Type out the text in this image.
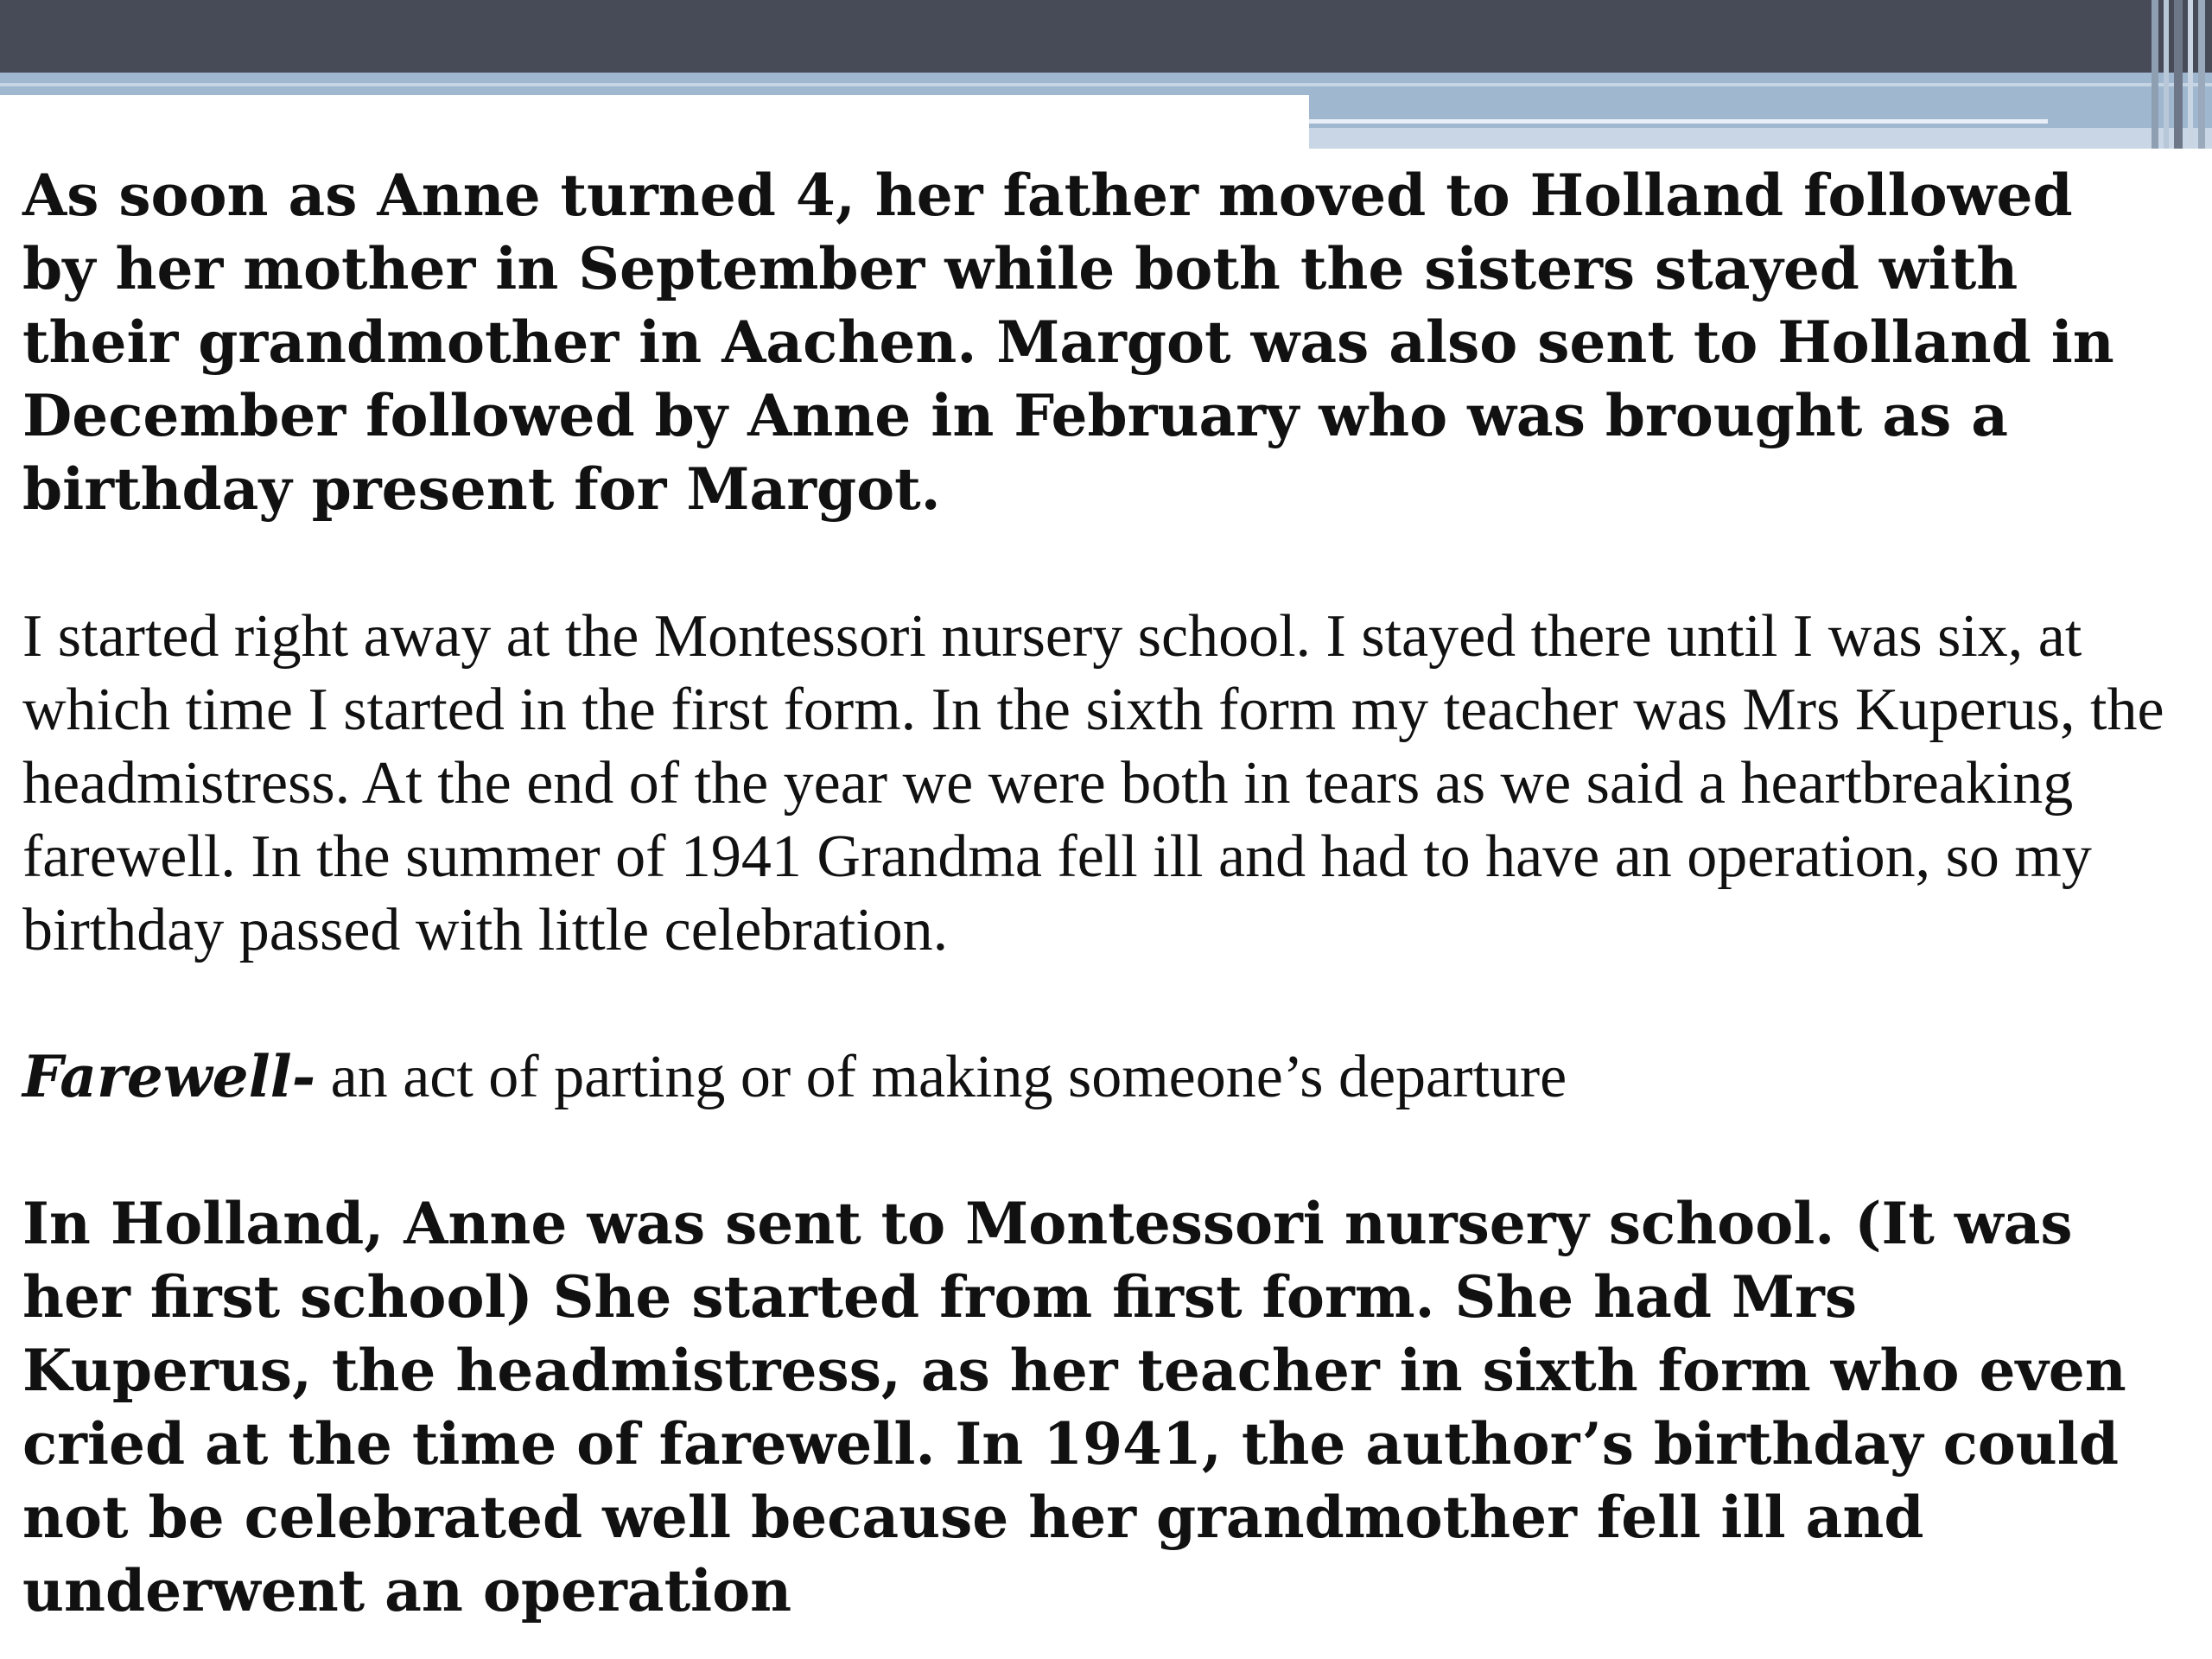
As soon as Anne turned 4, her father moved to Holland followed by her mother in September while both the sisters stayed with their grandmother in Aachen. Margot was also sent to Holland in December followed by Anne in February who was brought as a birthday present for Margot.

I started right away at the Montessori nursery school. I stayed there until I was six, at which time I started in the first form. In the sixth form my teacher was Mrs Kuperus, the headmistress. At the end of the year we were both in tears as we said a heartbreaking farewell. In the summer of 1941 Grandma fell ill and had to have an operation, so my birthday passed with little celebration.

Farewell- an act of parting or of making someone’s departure

In Holland, Anne was sent to Montessori nursery school. (It was her first school) She started from first form. She had Mrs Kuperus, the headmistress, as her teacher in sixth form who even cried at the time of farewell. In 1941, the author’s birthday could not be celebrated well because her grandmother fell ill and underwent an operation
